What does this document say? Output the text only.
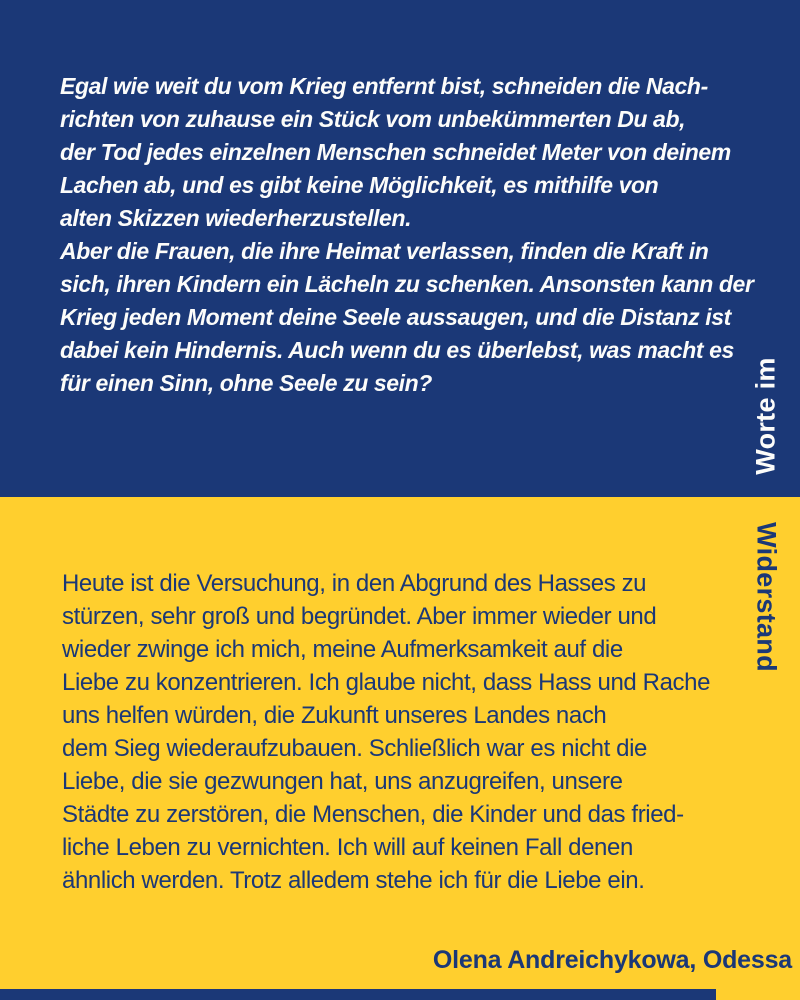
Egal wie weit du vom Krieg entfernt bist, schneiden die Nach-
richten von zuhause ein Stück vom unbekümmerten Du ab,
der Tod jedes einzelnen Menschen schneidet Meter von deinem
Lachen ab, und es gibt keine Möglichkeit, es mithilfe von
alten Skizzen wiederherzustellen.
Aber die Frauen, die ihre Heimat verlassen, finden die Kraft in
sich, ihren Kindern ein Lächeln zu schenken. Ansonsten kann der
Krieg jeden Moment deine Seele aussaugen, und die Distanz ist
dabei kein Hindernis. Auch wenn du es überlebst, was macht es
für einen Sinn, ohne Seele zu sein?
Heute ist die Versuchung, in den Abgrund des Hasses zu
stürzen, sehr groß und begründet. Aber immer wieder und
wieder zwinge ich mich, meine Aufmerksamkeit auf die
Liebe zu konzentrieren. Ich glaube nicht, dass Hass und Rache
uns helfen würden, die Zukunft unseres Landes nach
dem Sieg wiederaufzubauen. Schließlich war es nicht die
Liebe, die sie gezwungen hat, uns anzugreifen, unsere
Städte zu zerstören, die Menschen, die Kinder und das fried-
liche Leben zu vernichten. Ich will auf keinen Fall denen
ähnlich werden. Trotz alledem stehe ich für die Liebe ein.
Worte im
Widerstand
Olena Andreichykowa, Odessa
